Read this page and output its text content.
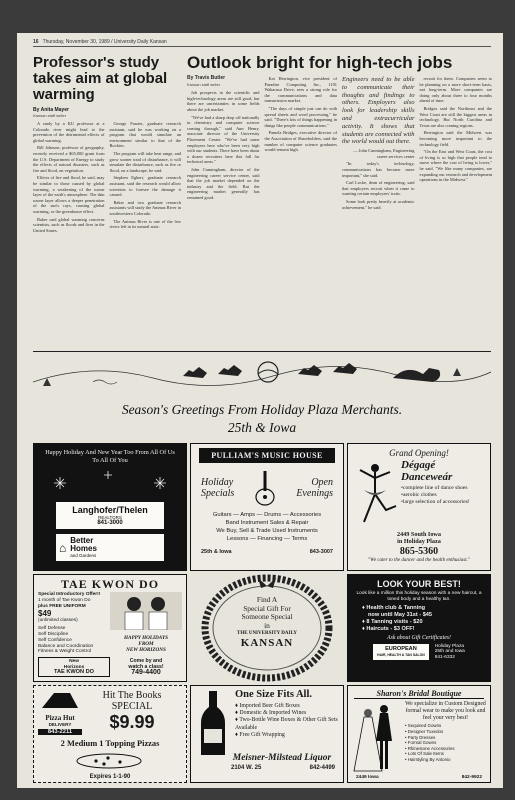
16 Thursday, November 30, 1989 / University Daily Kansan
Professor's study takes aim at global warming
By Anita Mayer
Kansan staff writer

A study by a KU professor at a Colorado river might lead to the prevention of the detrimental effects of global warming.

Bill Johnson, professor of geography, recently received a $65,000 grant from the U.S. Department of Energy to study the effects of natural disasters, such as fire and flood, on vegetation.

Effects of fire and flood, he said, may be similar to those caused by global warming, a weakening of the ozone layer of the earth's atmosphere. The thin ozone layer allows a deeper penetration of the sun's rays, causing global warming, or the greenhouse effect.

Baker said global warming concerns scientists, such as floods and fires in the United States.

George Frazier, graduate research assistant, said he was working on a program that would simulate an environment similar to that of the Rockies.

The program will take heat range, and grow sooner total of disturbance, it will simulate the disturbance, such as fire or flood, on a landscape, he said.

Stephen Egbert, graduate research assistant, said the research would allow scientists to foresee the damage it caused.

Baker and two graduate research assistants will study the Animas River in southwestern Colorado.

The Animas River is one of the few rivers left in its natural state.

Outlook bright for high-tech jobs
By Travis Butler
Kansan staff writer

Job prospects in the scientific and high-technology areas are still good, but there are uncertainties in some fields about the job market.

"We've had a sharp drop off nationally in chemistry and computer science coming through," said Ann Henry, associate director of the University Placement Center. "We've had some employers here who've been very high with our students. There have been about a dozen recruiters here this fall for technical areas."

John Cunningham, director of the engineering career service center, said that the job market depended on the industry and the field. But the engineering market generally has remained good.

Kai Herrington, vice president of Paradise Computing Inc., 1101 Wakarusa Drive, sees a strong role for the communications and data transmission market.

"The days of simple just can do with spread sheets and word processing," he said. "There's lots of things happening in things like people communications."

Pamela Bridges, executive director of the Association of Shareholders, said the number of computer science graduates would remain high.

Engineers need to be able to communicate their thoughts and findings to others. Employers also look for leadership skills and extracurricular activity. It shows that students are connected with the world would out there.

— John Cunningham, Engineering career services center

"In today's technology, communications has become more important," she said.

Carl Locke, dean of engineering, said that employers recruit when it came to wanting certain employees' traits.

Some look pretty heavily at academic achievement," he said.

recruit for them. Companies seem to be planning on a more short-term basis, not long-term. More companies are doing only about three to four months ahead of time.

Bridges said the Northeast and the West Coast are still the biggest areas in technology. But North Carolina and Texas are also coming regions.

Herrington said the Midwest was becoming more important to the technology field.

"On the East and West Coast, the cost of living is so high that people tend to move where the cost of living is lower," he said. "We like many companies, are expanding our research and development operations in the Midwest."

Season's Greetings From Holiday Plaza Merchants.
25th & Iowa
Happy Holiday And New Year Too From All Of Us To All Of You
Langhofer/Thelen
REALTORS
841-3000
⌂ Better
Homes
and Gardens
PULLIAM'S MUSIC HOUSE
Holiday
Specials
Open
Evenings
Guitars — Amps — Drums — Accessories
Band Instrument Sales & Repair
We Buy, Sell & Trade Used Instruments
Lessons — Financing — Terms
25th & Iowa	843-3007
Grand Opening!
Dégagé
Danceweár
•complete line of dance shoes
•aerobic clothes
•large selection of accessories!
2449 South Iowa
in Holiday Plaza
865-5360
"We cater to the dancer and the health enthusiast."
TAE KWON DO
Special Introductory Offer!!
1 month of Tae Kwon Do
plus FREE UNIFORM
$49
(unlimited classes)
Self Defense
Self Discipline
Self Confidence
Balance and Coordination
Fitness & Weight Control
HAPPY HOLIDAYS
FROM
NEW HORIZONS
New
Horizons
TAE KWON DO
Come by and
watch a class!
749-4400
Find A
Special Gift For
Someone Special
in
THE UNIVERSITY DAILY
KANSAN
LOOK YOUR BEST!
Look like a million this holiday season with a new haircut, a toned body and a healthy tan.
♦ Health club & Tanning
now until May 31st - $45
♦ 8 Tanning visits - $20
♦ Haircuts - $3 OFF!
Ask about Gift Certificates!
EUROPEAN
HAIR, HEALTH & TAN SALON
Holiday Plaza
25th and Iowa
841-6332
Pizza Hut
DELIVERY
843-2211
Hit The Books
SPECIAL
$9.99
2 Medium 1 Topping Pizzas
Expires 1-1-90
One Size Fits All.
♦ Imported Beer Gift Boxes
♦ Domestic & Imported Wines
♦ Two-Bottle Wine Boxes & Other Gift Sets Available
♦ Free Gift Wrapping
Meisner-Milstead Liquor
2104 W. 25	842-4499
Sharon's Bridal Boutique
We specialize in Custom Designed formal wear to make you look and feel your very best!
• Sequined Gowns
• Designer Tuxedos
• Party Dresses
• Formal Gowns
• Rhinestone Accessories
• Lots Of Sale Items
• Hairstyling By Antonio
2449 Iowa	842-9922
